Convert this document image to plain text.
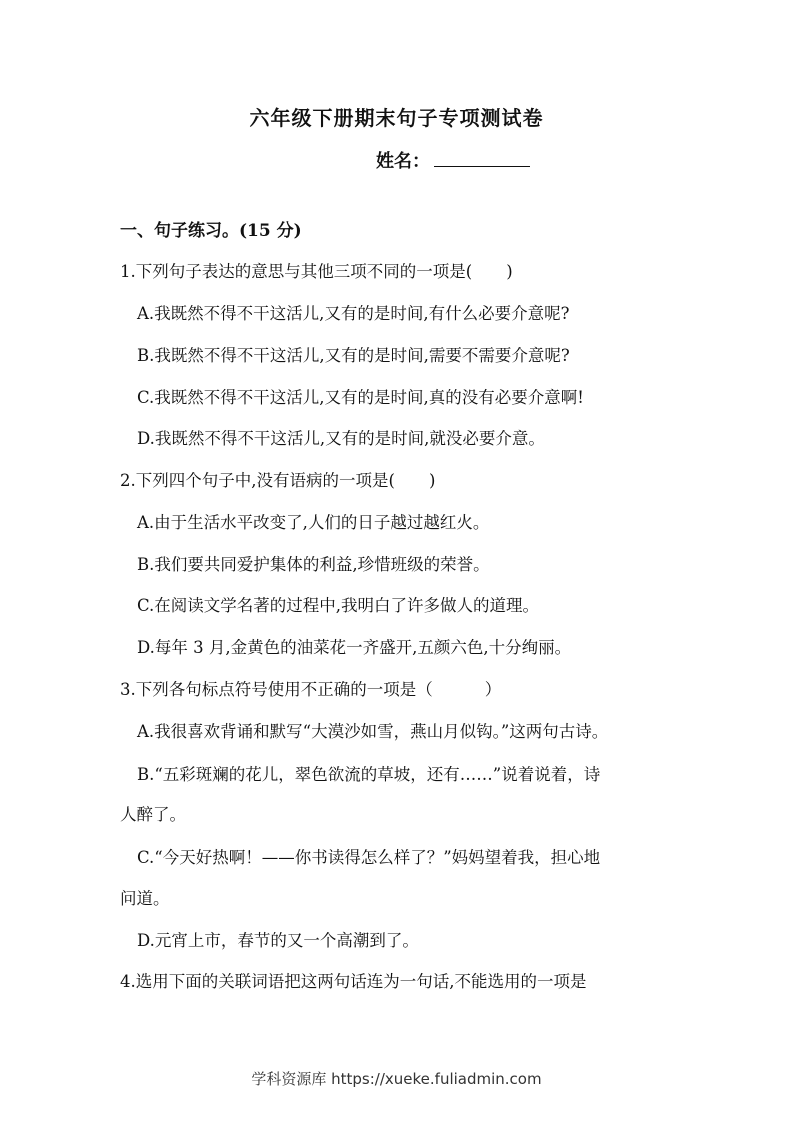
六年级下册期末句子专项测试卷
姓名：
一、句子练习。(15 分)
1.下列句子表达的意思与其他三项不同的一项是( )
A.我既然不得不干这活儿,又有的是时间,有什么必要介意呢?
B.我既然不得不干这活儿,又有的是时间,需要不需要介意呢?
C.我既然不得不干这活儿,又有的是时间,真的没有必要介意啊!
D.我既然不得不干这活儿,又有的是时间,就没必要介意。
2.下列四个句子中,没有语病的一项是( )
A.由于生活水平改变了,人们的日子越过越红火。
B.我们要共同爱护集体的利益,珍惜班级的荣誉。
C.在阅读文学名著的过程中,我明白了许多做人的道理。
D.每年 3 月,金黄色的油菜花一齐盛开,五颜六色,十分绚丽。
3.下列各句标点符号使用不正确的一项是（	）
A.我很喜欢背诵和默写“大漠沙如雪，燕山月似钩。”这两句古诗。
B.“五彩斑斓的花儿，翠色欲流的草坡，还有……”说着说着，诗
人醉了。
C.“今天好热啊！——你书读得怎么样了？”妈妈望着我，担心地
问道。
D.元宵上市，春节的又一个高潮到了。
4.选用下面的关联词语把这两句话连为一句话,不能选用的一项是
学科资源库 https://xueke.fuliadmin.com
